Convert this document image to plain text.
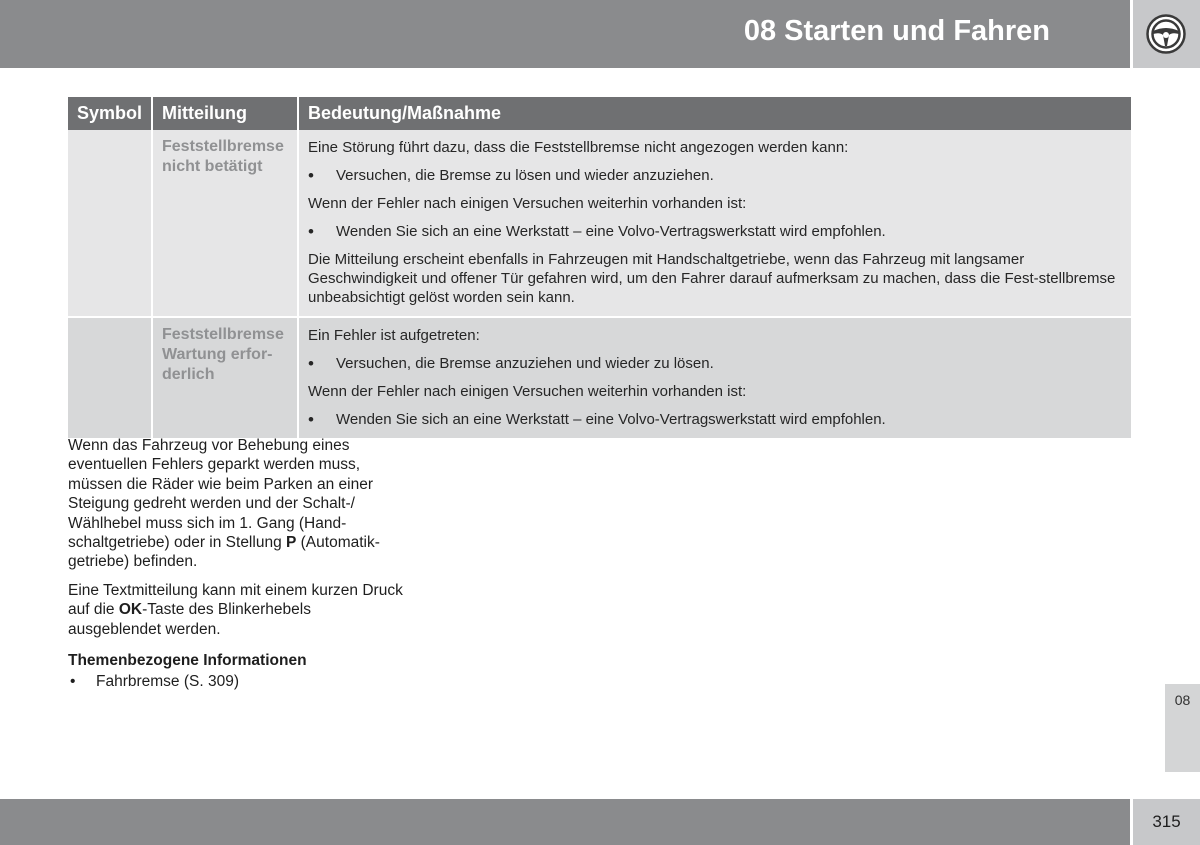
08 Starten und Fahren
Symbol	Mitteilung	Bedeutung/Maßnahme

	Feststellbremse nicht betätigt	Eine Störung führt dazu, dass die Feststellbremse nicht angezogen werden kann:

• Versuchen, die Bremse zu lösen und wieder anzuziehen.

Wenn der Fehler nach einigen Versuchen weiterhin vorhanden ist:

• Wenden Sie sich an eine Werkstatt – eine Volvo-Vertragswerkstatt wird empfohlen.

Die Mitteilung erscheint ebenfalls in Fahrzeugen mit Handschaltgetriebe, wenn das Fahrzeug mit langsamer Geschwindigkeit und offener Tür gefahren wird, um den Fahrer darauf aufmerksam zu machen, dass die Fest-stellbremse unbeabsichtigt gelöst worden sein kann.

	Feststellbremse Wartung erfor-derlich	Ein Fehler ist aufgetreten:

• Versuchen, die Bremse anzuziehen und wieder zu lösen.

Wenn der Fehler nach einigen Versuchen weiterhin vorhanden ist:

• Wenden Sie sich an eine Werkstatt – eine Volvo-Vertragswerkstatt wird empfohlen.

Wenn das Fahrzeug vor Behebung eines eventuellen Fehlers geparkt werden muss, müssen die Räder wie beim Parken an einer Steigung gedreht werden und der Schalt-/ Wählhebel muss sich im 1. Gang (Hand-schaltgetriebe) oder in Stellung P (Automatik-getriebe) befinden.

Eine Textmitteilung kann mit einem kurzen Druck auf die OK-Taste des Blinkerhebels ausgeblendet werden.

Themenbezogene Informationen
• Fahrbremse (S. 309)
08
315
